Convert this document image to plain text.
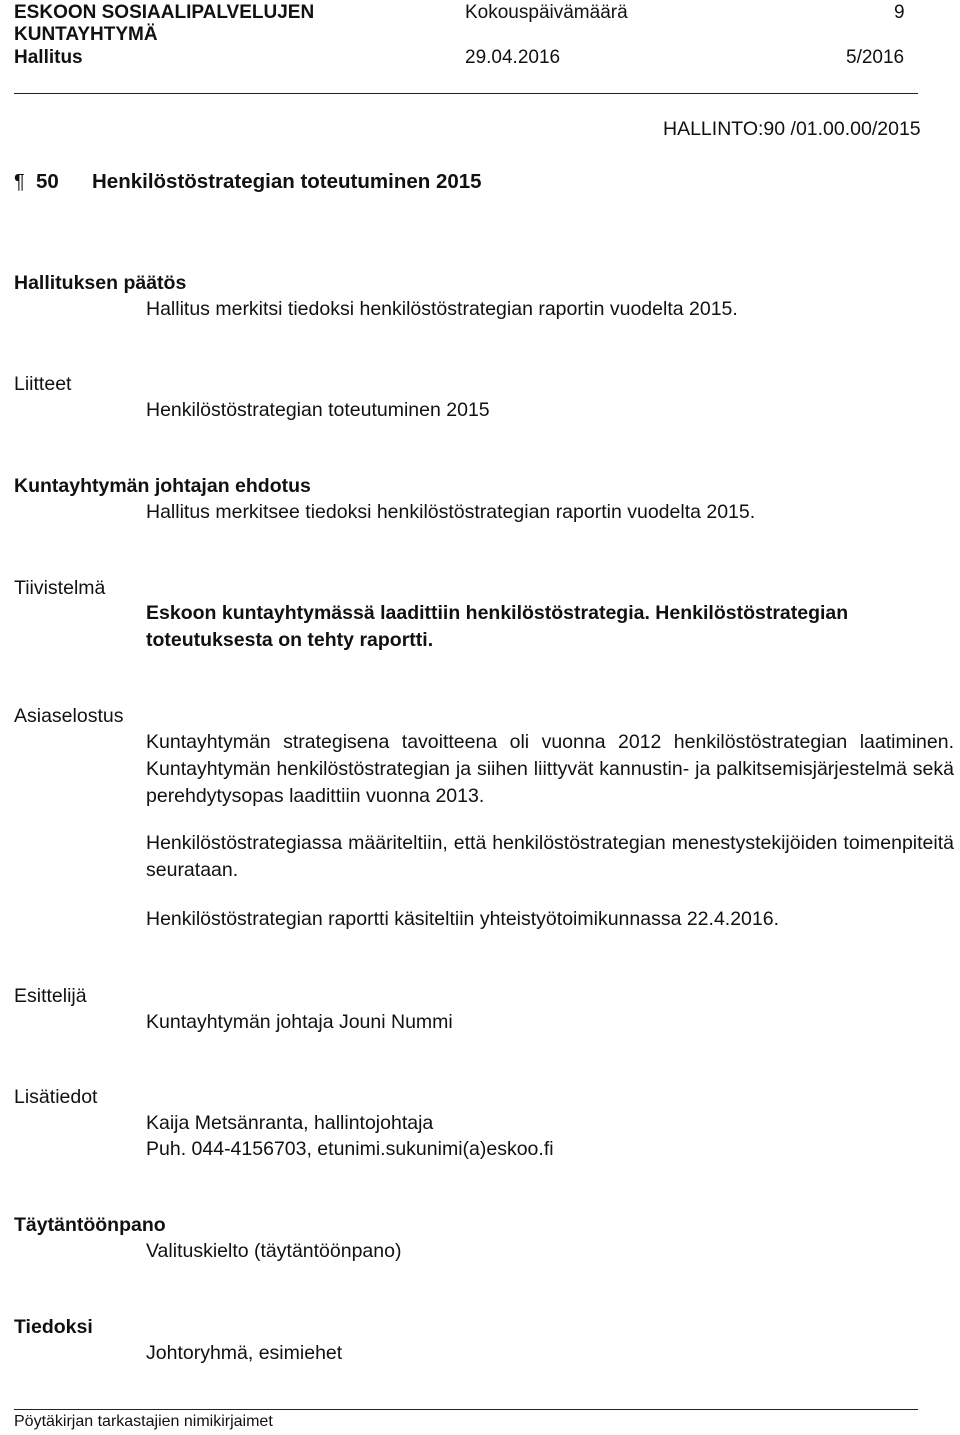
ESKOON SOSIAALIPALVELUJEN
KUNTAYHTYMÄ
Hallitus
Kokouspäivämäärä
29.04.2016
9
5/2016
HALLINTO:90 /01.00.00/2015
¶ 50 Henkilöstöstrategian toteutuminen 2015
Hallituksen päätös
Hallitus merkitsi tiedoksi henkilöstöstrategian raportin vuodelta 2015.
Liitteet
Henkilöstöstrategian toteutuminen 2015
Kuntayhtymän johtajan ehdotus
Hallitus merkitsee tiedoksi henkilöstöstrategian raportin vuodelta 2015.
Tiivistelmä
Eskoon kuntayhtymässä laadittiin henkilöstöstrategia. Henkilöstöstrategian toteutuksesta on tehty raportti.
Asiaselostus
Kuntayhtymän strategisena tavoitteena oli vuonna 2012 henkilöstöstrategian laatiminen. Kuntayhtymän henkilöstöstrategian ja siihen liittyvät kannustin- ja palkitsemisjärjestelmä sekä perehdytysopas laadittiin vuonna 2013.
Henkilöstöstrategiassa määriteltiin, että henkilöstöstrategian menestystekijöiden toimenpiteitä seurataan.
Henkilöstöstrategian raportti käsiteltiin yhteistyötoimikunnassa 22.4.2016.
Esittelijä
Kuntayhtymän johtaja Jouni Nummi
Lisätiedot
Kaija Metsänranta, hallintojohtaja
Puh. 044-4156703, etunimi.sukunimi(a)eskoo.fi
Täytäntöönpano
Valituskielto (täytäntöönpano)
Tiedoksi
Johtoryhmä, esimiehet
Pöytäkirjan tarkastajien nimikirjaimet
